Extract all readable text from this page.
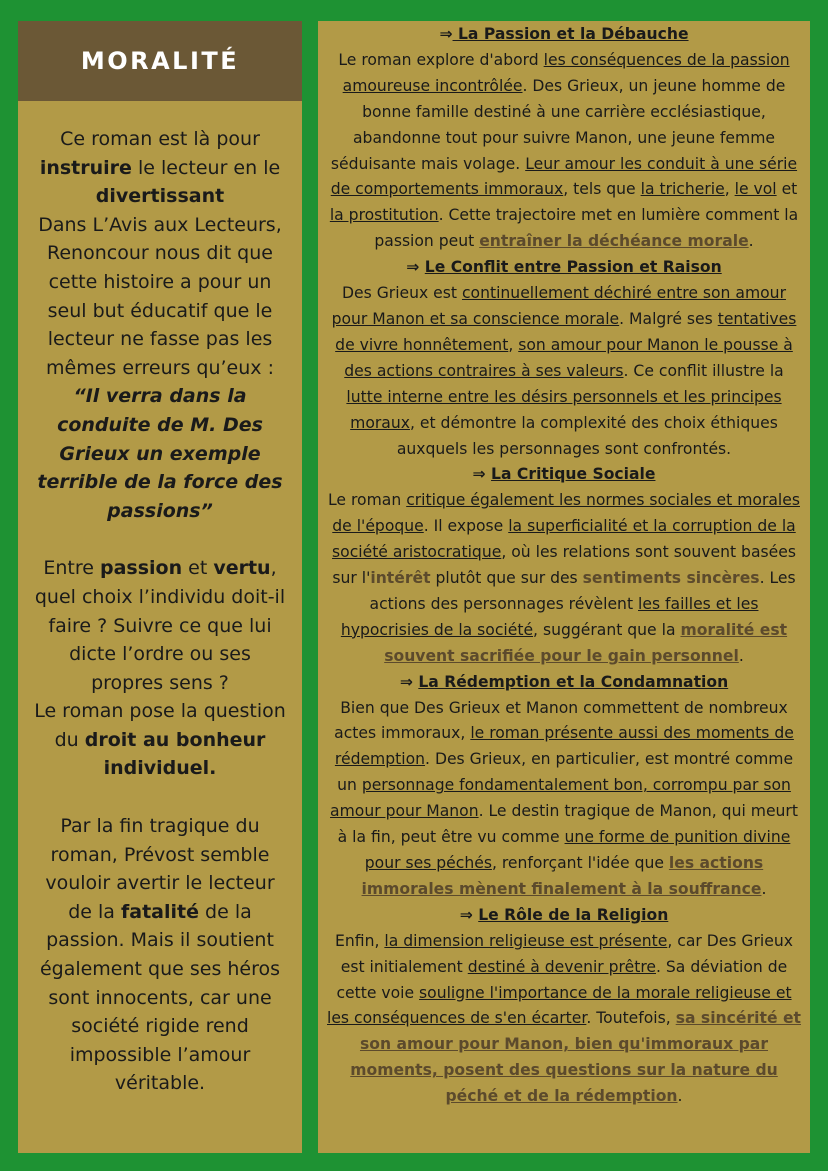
MORALITÉ

Ce roman est là pour instruire le lecteur en le
divertissant
Dans L’Avis aux Lecteurs, Renoncour nous dit que cette histoire a pour un seul but éducatif que le lecteur ne fasse pas les mêmes erreurs qu’eux : “Il verra dans la conduite de M. Des Grieux un exemple terrible de la force des passions”

Entre passion et vertu, quel choix l’individu doit-il faire ? Suivre ce que lui dicte l’ordre ou ses propres sens ?
Le roman pose la question du droit au bonheur individuel.

Par la fin tragique du roman, Prévost semble vouloir avertir le lecteur de la fatalité de la passion. Mais il soutient également que ses héros sont innocents, car une société rigide rend impossible l’amour véritable.

⇒ La Passion et la Débauche

Le roman explore d'abord les conséquences de la passion amoureuse incontrôlée. Des Grieux, un jeune homme de bonne famille destiné à une carrière ecclésiastique, abandonne tout pour suivre Manon, une jeune femme séduisante mais volage. Leur amour les conduit à une série de comportements immoraux, tels que la tricherie, le vol et la prostitution. Cette trajectoire met en lumière comment la passion peut entraîner la déchéance morale.

⇒ Le Conflit entre Passion et Raison

Des Grieux est continuellement déchiré entre son amour pour Manon et sa conscience morale. Malgré ses tentatives de vivre honnêtement, son amour pour Manon le pousse à des actions contraires à ses valeurs. Ce conflit illustre la lutte interne entre les désirs personnels et les principes moraux, et démontre la complexité des choix éthiques auxquels les personnages sont confrontés.

⇒ La Critique Sociale

Le roman critique également les normes sociales et morales de l'époque. Il expose la superficialité et la corruption de la société aristocratique, où les relations sont souvent basées sur l'intérêt plutôt que sur des sentiments sincères. Les actions des personnages révèlent les failles et les hypocrisies de la société, suggérant que la moralité est souvent sacrifiée pour le gain personnel.

⇒ La Rédemption et la Condamnation

Bien que Des Grieux et Manon commettent de nombreux actes immoraux, le roman présente aussi des moments de rédemption. Des Grieux, en particulier, est montré comme un personnage fondamentalement bon, corrompu par son amour pour Manon. Le destin tragique de Manon, qui meurt à la fin, peut être vu comme une forme de punition divine pour ses péchés, renforçant l'idée que les actions immorales mènent finalement à la souffrance.

⇒ Le Rôle de la Religion

Enfin, la dimension religieuse est présente, car Des Grieux est initialement destiné à devenir prêtre. Sa déviation de cette voie souligne l'importance de la morale religieuse et les conséquences de s'en écarter. Toutefois, sa sincérité et son amour pour Manon, bien qu'immoraux par moments, posent des questions sur la nature du péché et de la rédemption.
